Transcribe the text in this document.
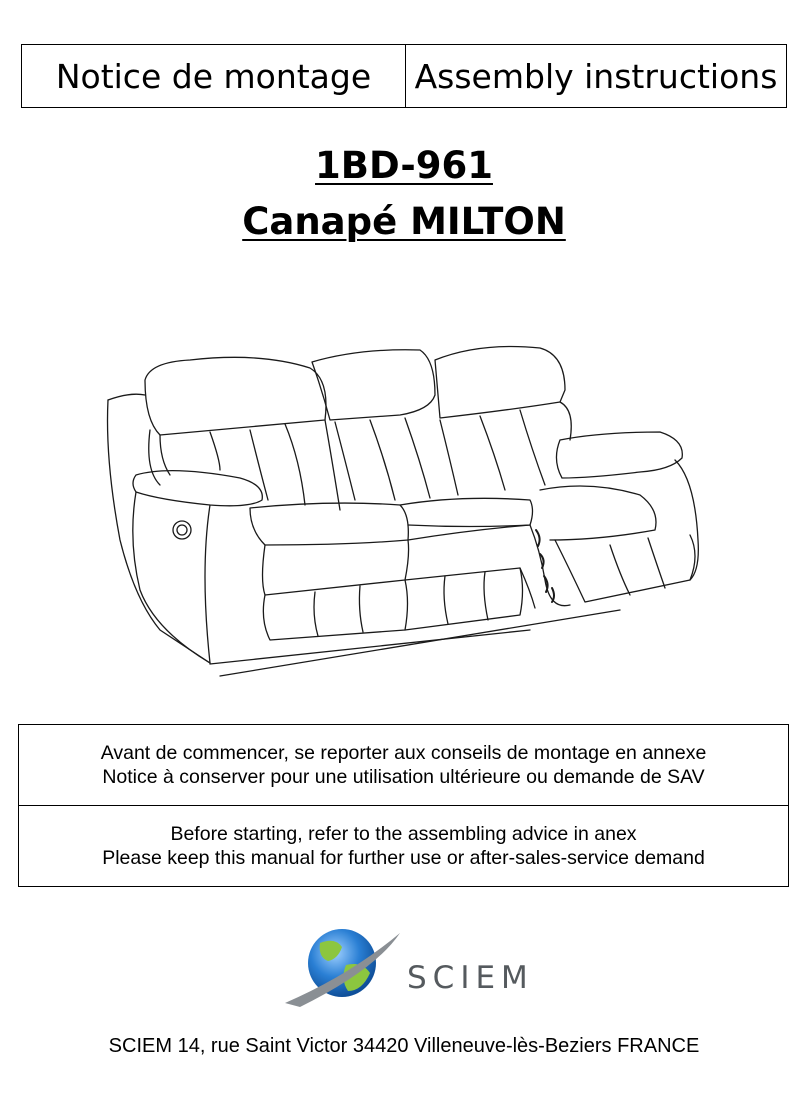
Notice de montage	Assembly instructions
1BD-961
Canapé MILTON
Avant de commencer, se reporter aux conseils de montage en annexe
Notice à conserver pour une utilisation ultérieure ou demande de SAV
Before starting, refer to the assembling advice in anex
Please keep this manual for further use or after-sales-service demand
SCIEM
SCIEM 14, rue Saint Victor 34420 Villeneuve-lès-Beziers FRANCE
